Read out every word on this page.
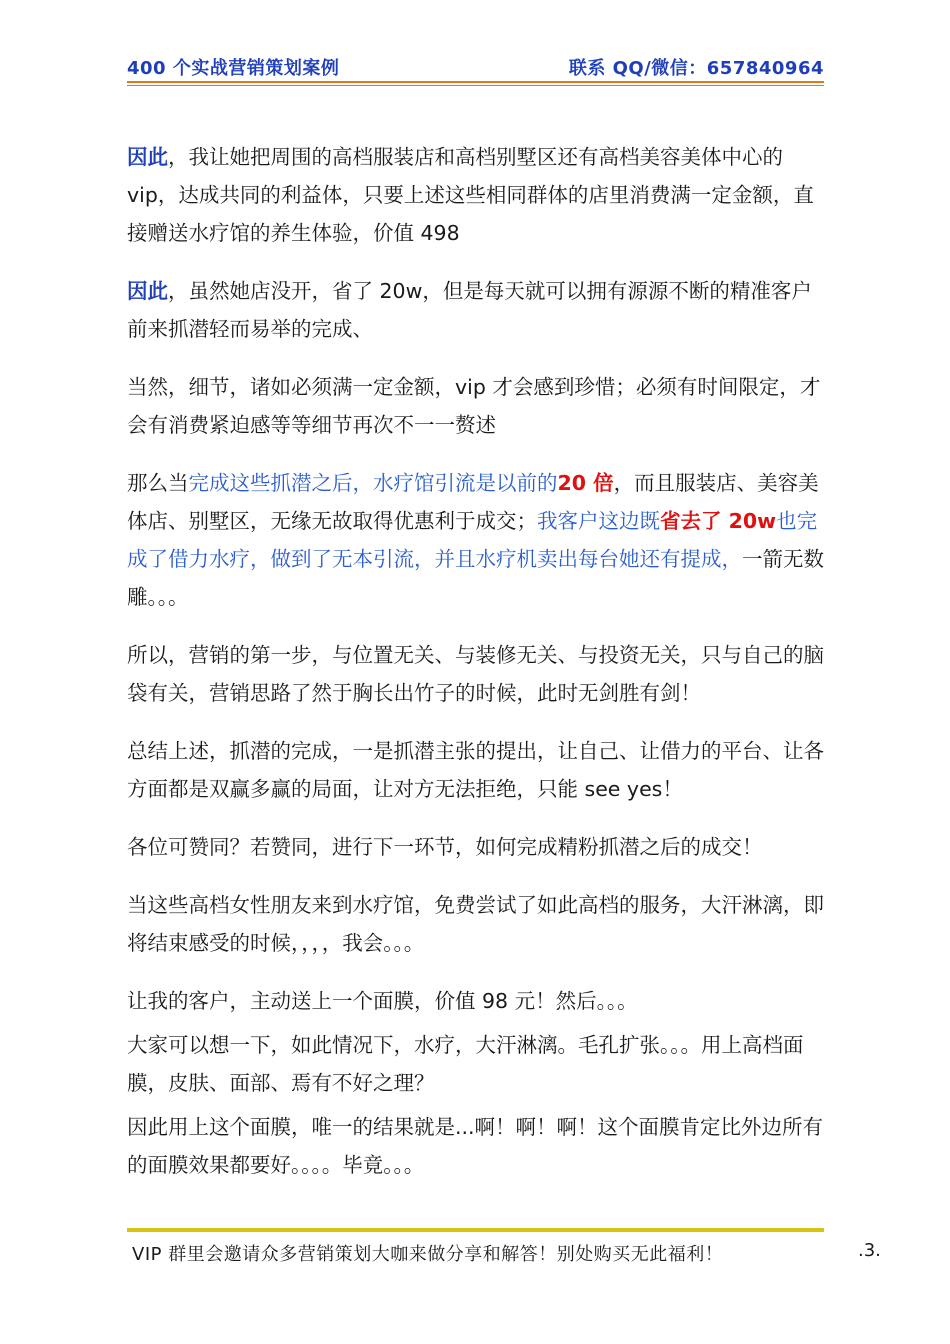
400 个实战营销策划案例	联系 QQ/微信：657840964

因此，我让她把周围的高档服装店和高档别墅区还有高档美容美体中心的 vip，达成共同的利益体，只要上述这些相同群体的店里消费满一定金额，直接赠送水疗馆的养生体验，价值 498

因此，虽然她店没开，省了 20w，但是每天就可以拥有源源不断的精准客户前来抓潜轻而易举的完成、

当然，细节，诸如必须满一定金额，vip 才会感到珍惜；必须有时间限定，才会有消费紧迫感等等细节再次不一一赘述

那么当完成这些抓潜之后，水疗馆引流是以前的20 倍，而且服装店、美容美体店、别墅区，无缘无故取得优惠利于成交；我客户这边既省去了 20w也完成了借力水疗，做到了无本引流，并且水疗机卖出每台她还有提成，一箭无数雕。。。

所以，营销的第一步，与位置无关、与装修无关、与投资无关，只与自己的脑袋有关，营销思路了然于胸长出竹子的时候，此时无剑胜有剑！

总结上述，抓潜的完成，一是抓潜主张的提出，让自己、让借力的平台、让各方面都是双赢多赢的局面，让对方无法拒绝，只能 see yes！

各位可赞同？若赞同，进行下一环节，如何完成精粉抓潜之后的成交！

当这些高档女性朋友来到水疗馆，免费尝试了如此高档的服务，大汗淋漓，即将结束感受的时候，，，，我会。。。

让我的客户，主动送上一个面膜，价值 98 元！然后。。。

大家可以想一下，如此情况下，水疗，大汗淋漓。毛孔扩张。。。用上高档面膜，皮肤、面部、焉有不好之理？

因此用上这个面膜，唯一的结果就是...啊！啊！啊！这个面膜肯定比外边所有的面膜效果都要好。。。。毕竟。。。

VIP 群里会邀请众多营销策划大咖来做分享和解答！别处购买无此福利！	.3.
